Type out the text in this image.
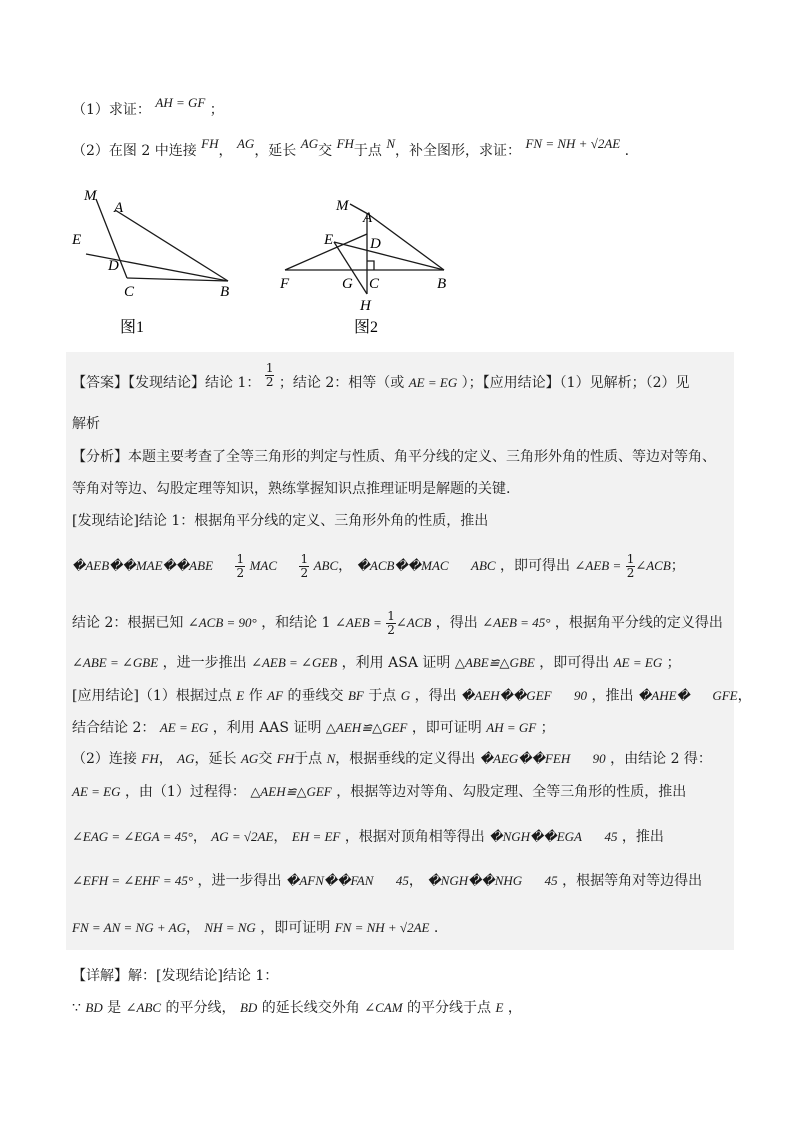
（1）求证： AH = GF ；
（2）在图 2 中连接 FH， AG，延长 AG交 FH于点 N，补全图形，求证： FN = NH + √2AE .
M
A
E
D
C	B
图1
M
A
E D
F	G C	B
H
图2
【答案】【发现结论】结论 1： $\frac{1}{2}$ ；结论 2：相等（或 AE = EG ）；【应用结论】（1）见解析；（2）见
解析
【分析】本题主要考查了全等三角形的判定与性质、角平分线的定义、三角形外角的性质、等边对等角、
等角对等边、勾股定理等知识，熟练掌握知识点推理证明是解题的关键.
[发现结论]结论 1：根据角平分线的定义、三角形外角的性质，推出
�AEB��MAE��ABE $\frac{1}{2}$ MAC $\frac{1}{2}$ ABC， �ACB��MAC ABC ，即可得出 ∠AEB = $\frac{1}{2}$ ∠ACB；
结论 2：根据已知 ∠ACB = 90° ，和结论 1 ∠AEB = $\frac{1}{2}$ ∠ACB ，得出 ∠AEB = 45° ，根据角平分线的定义得出
∠ABE = ∠GBE ，进一步推出 ∠AEB = ∠GEB ，利用 ASA 证明 △ABE≌△GBE ，即可得出 AE = EG ；
[应用结论]（1）根据过点 E 作 AF 的垂线交 BF 于点 G ，得出 �AEH��GEF 90 ，推出 �AHE� GFE，
结合结论 2： AE = EG ，利用 AAS 证明 △AEH≌△GEF ，即可证明 AH = GF ；
（2）连接 FH， AG，延长 AG交 FH于点 N，根据垂线的定义得出 �AEG��FEH 90 ，由结论 2 得：
AE = EG ，由（1）过程得： △AEH≌△GEF ，根据等边对等角、勾股定理、全等三角形的性质，推出
∠EAG = ∠EGA = 45°， AG = √2AE， EH = EF ，根据对顶角相等得出 �NGH��EGA 45 ，推出
∠EFH = ∠EHF = 45° ，进一步得出 �AFN��FAN 45， �NGH��NHG 45 ，根据等角对等边得出
FN = AN = NG + AG， NH = NG ，即可证明 FN = NH + √2AE .
【详解】解：[发现结论]结论 1：
∵ BD 是 ∠ABC 的平分线， BD 的延长线交外角 ∠CAM 的平分线于点 E ，
